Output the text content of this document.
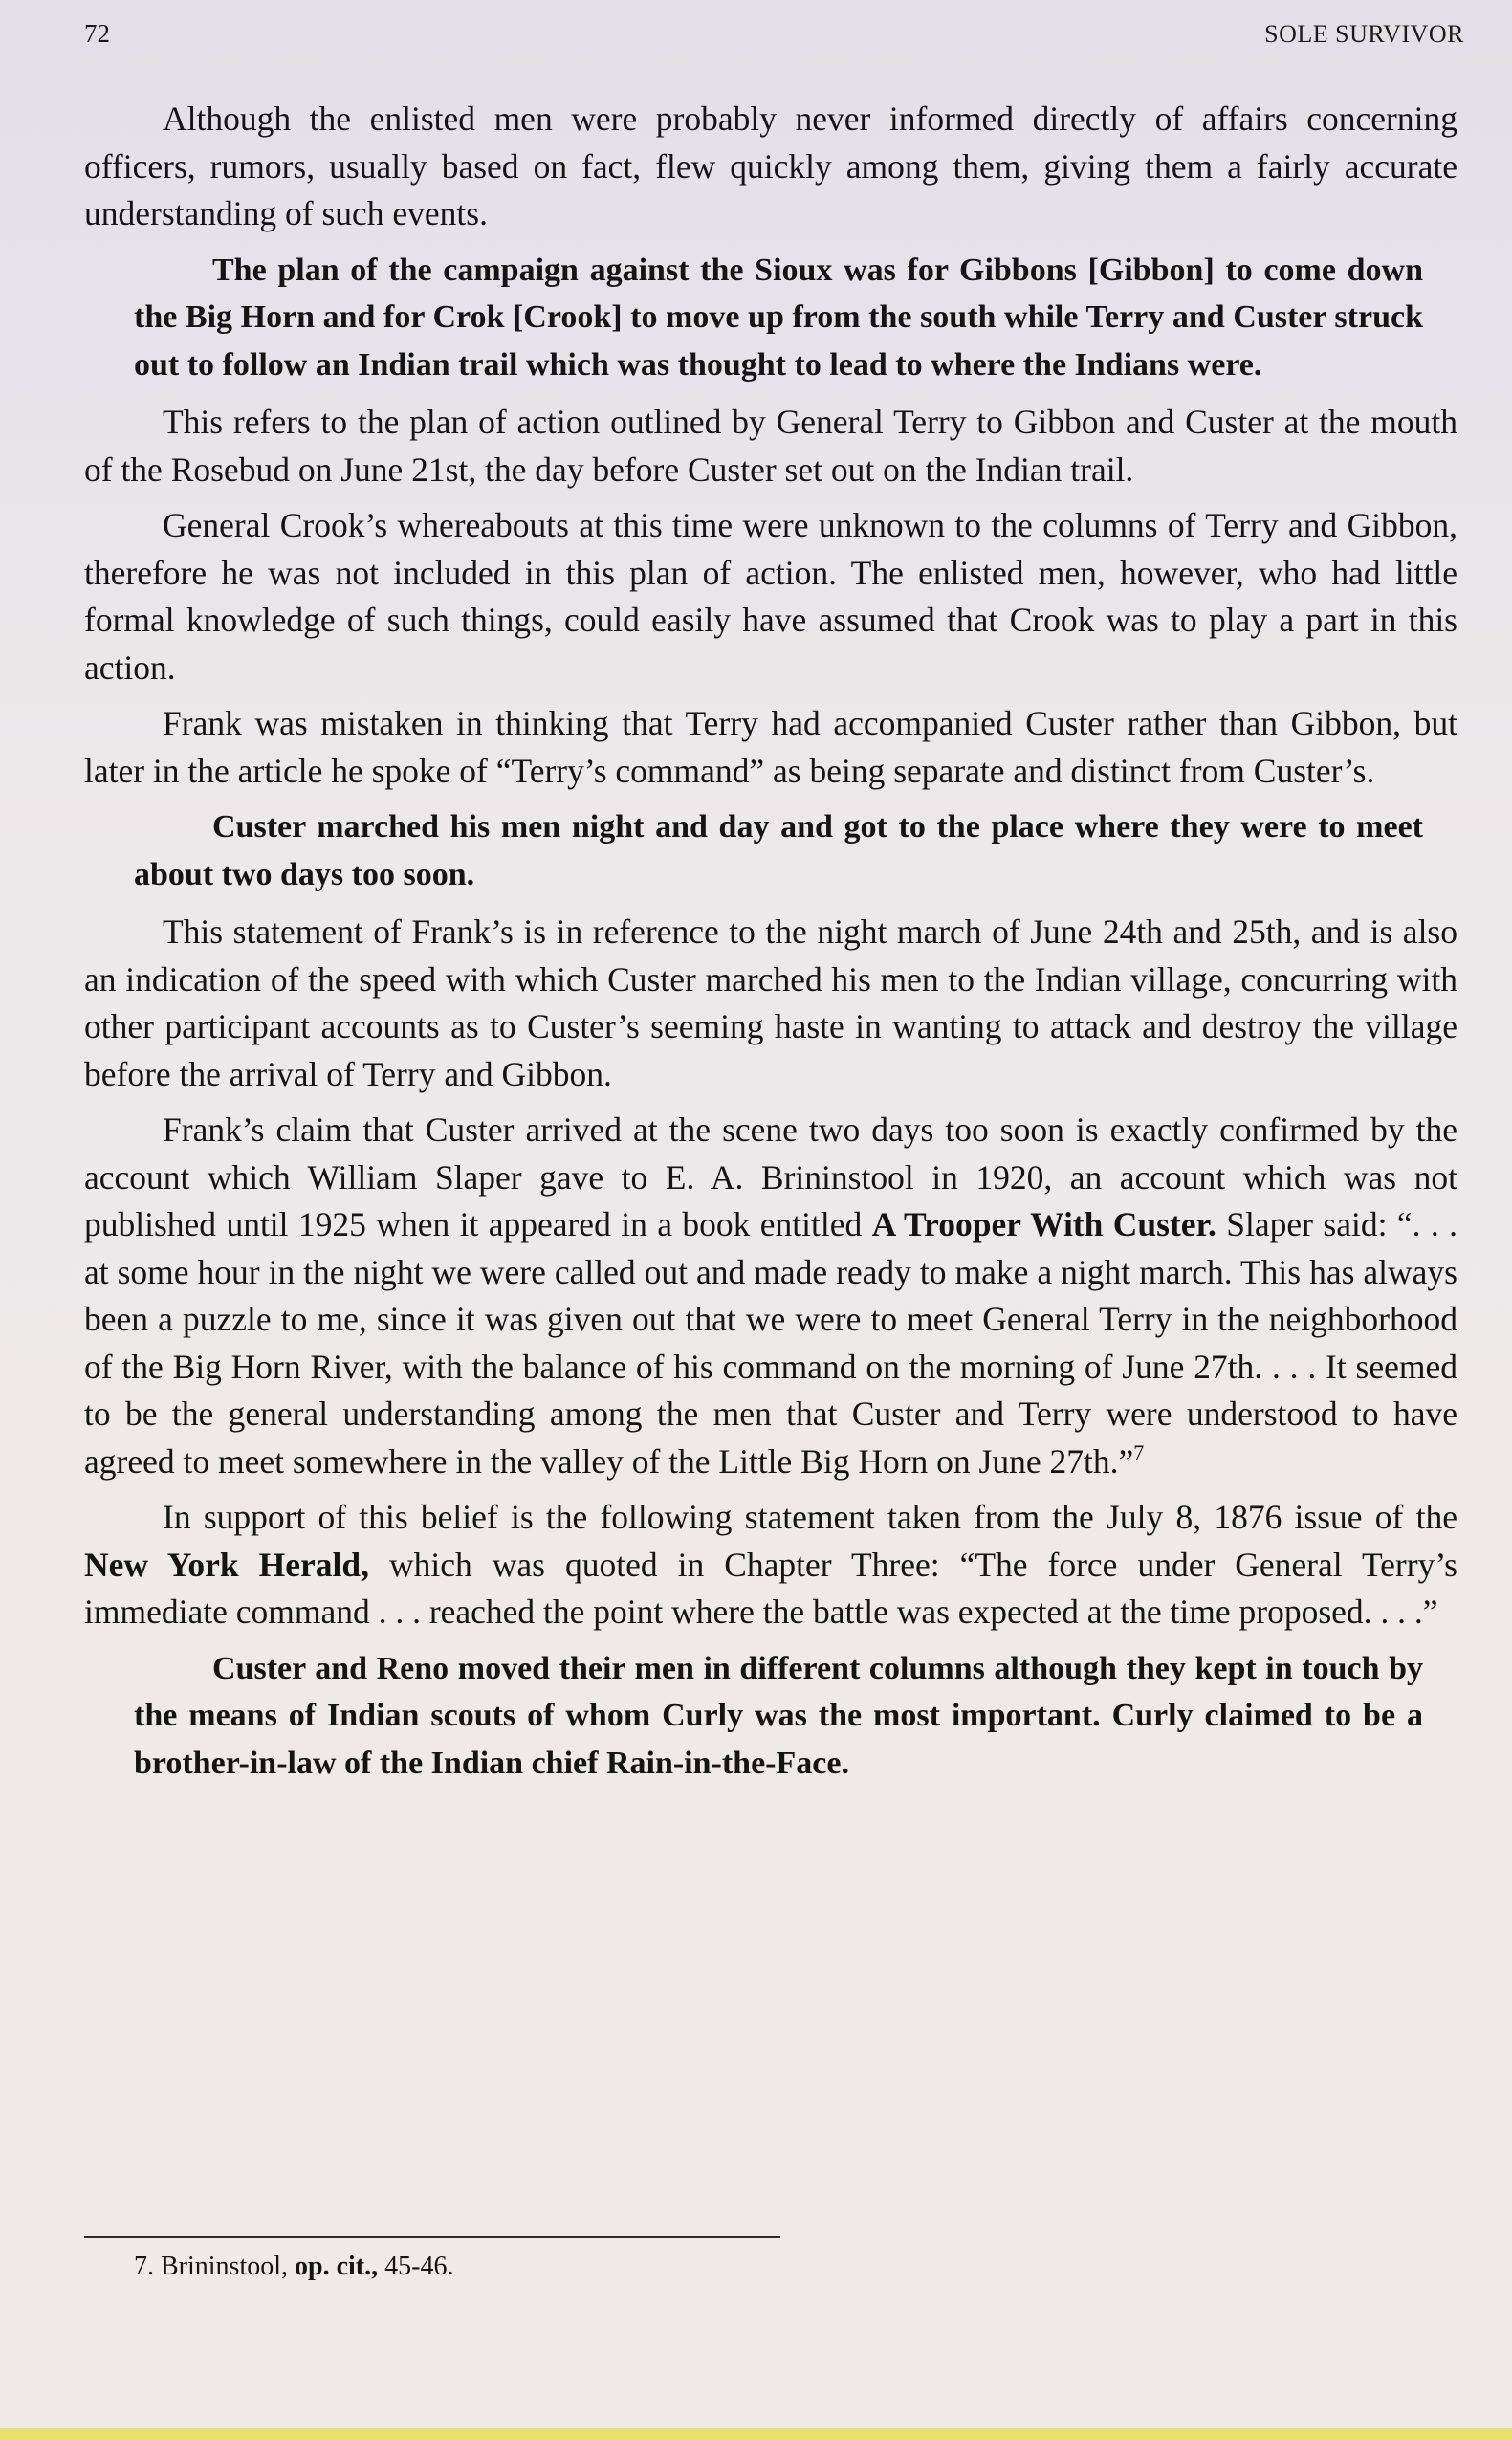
72	SOLE SURVIVOR

Although the enlisted men were probably never informed directly of affairs concerning officers, rumors, usually based on fact, flew quickly among them, giving them a fairly accurate understanding of such events.

The plan of the campaign against the Sioux was for Gibbons [Gibbon] to come down the Big Horn and for Crok [Crook] to move up from the south while Terry and Custer struck out to follow an Indian trail which was thought to lead to where the Indians were.

This refers to the plan of action outlined by General Terry to Gibbon and Custer at the mouth of the Rosebud on June 21st, the day before Custer set out on the Indian trail.

General Crook’s whereabouts at this time were unknown to the columns of Terry and Gibbon, therefore he was not included in this plan of action. The enlisted men, however, who had little formal knowledge of such things, could easily have assumed that Crook was to play a part in this action.

Frank was mistaken in thinking that Terry had accompanied Custer rather than Gibbon, but later in the article he spoke of “Terry’s command” as being separate and distinct from Custer’s.

Custer marched his men night and day and got to the place where they were to meet about two days too soon.

This statement of Frank’s is in reference to the night march of June 24th and 25th, and is also an indication of the speed with which Custer marched his men to the Indian village, concurring with other participant accounts as to Custer’s seeming haste in wanting to attack and destroy the village before the arrival of Terry and Gibbon.

Frank’s claim that Custer arrived at the scene two days too soon is exactly confirmed by the account which William Slaper gave to E. A. Brininstool in 1920, an account which was not published until 1925 when it appeared in a book entitled A Trooper With Custer. Slaper said: “. . . at some hour in the night we were called out and made ready to make a night march. This has always been a puzzle to me, since it was given out that we were to meet General Terry in the neighborhood of the Big Horn River, with the balance of his command on the morning of June 27th. . . . It seemed to be the general understanding among the men that Custer and Terry were understood to have agreed to meet somewhere in the valley of the Little Big Horn on June 27th.”$^7$

In support of this belief is the following statement taken from the July 8, 1876 issue of the New York Herald, which was quoted in Chapter Three: “The force under General Terry’s immediate command . . . reached the point where the battle was expected at the time proposed. . . .”

Custer and Reno moved their men in different columns although they kept in touch by the means of Indian scouts of whom Curly was the most important. Curly claimed to be a brother-in-law of the Indian chief Rain-in-the-Face.

7. Brininstool, op. cit., 45-46.
